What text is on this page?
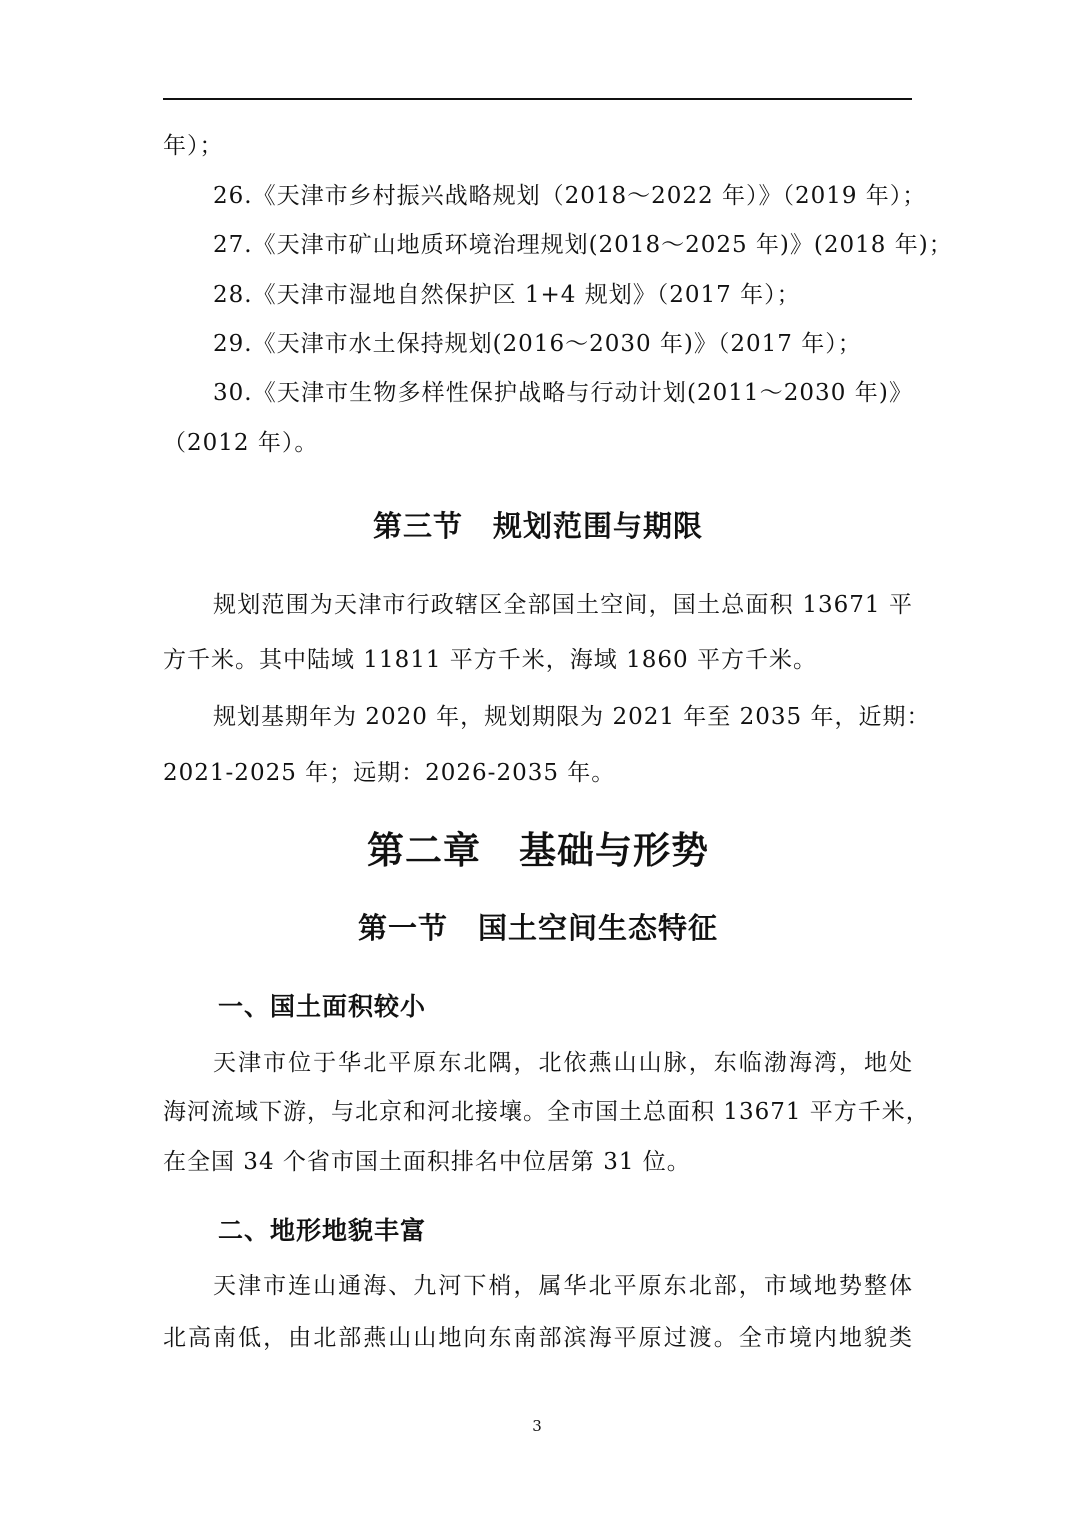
年）；
26.《天津市乡村振兴战略规划（2018～2022 年）》（2019 年）；
27.《天津市矿山地质环境治理规划(2018～2025 年)》(2018 年)；
28.《天津市湿地自然保护区 1+4 规划》（2017 年）；
29.《天津市水土保持规划(2016～2030 年)》（2017 年）；
30.《天津市生物多样性保护战略与行动计划(2011～2030 年)》
（2012 年）。
第三节　规划范围与期限
规划范围为天津市行政辖区全部国土空间，国土总面积 13671 平
方千米。其中陆域 11811 平方千米，海域 1860 平方千米。
规划基期年为 2020 年，规划期限为 2021 年至 2035 年，近期：
2021-2025 年；远期：2026-2035 年。
第二章　基础与形势
第一节　国土空间生态特征
一、国土面积较小
天津市位于华北平原东北隅，北依燕山山脉，东临渤海湾，地处
海河流域下游，与北京和河北接壤。全市国土总面积 13671 平方千米，
在全国 34 个省市国土面积排名中位居第 31 位。
二、地形地貌丰富
天津市连山通海、九河下梢，属华北平原东北部，市域地势整体
北高南低，由北部燕山山地向东南部滨海平原过渡。全市境内地貌类
3
